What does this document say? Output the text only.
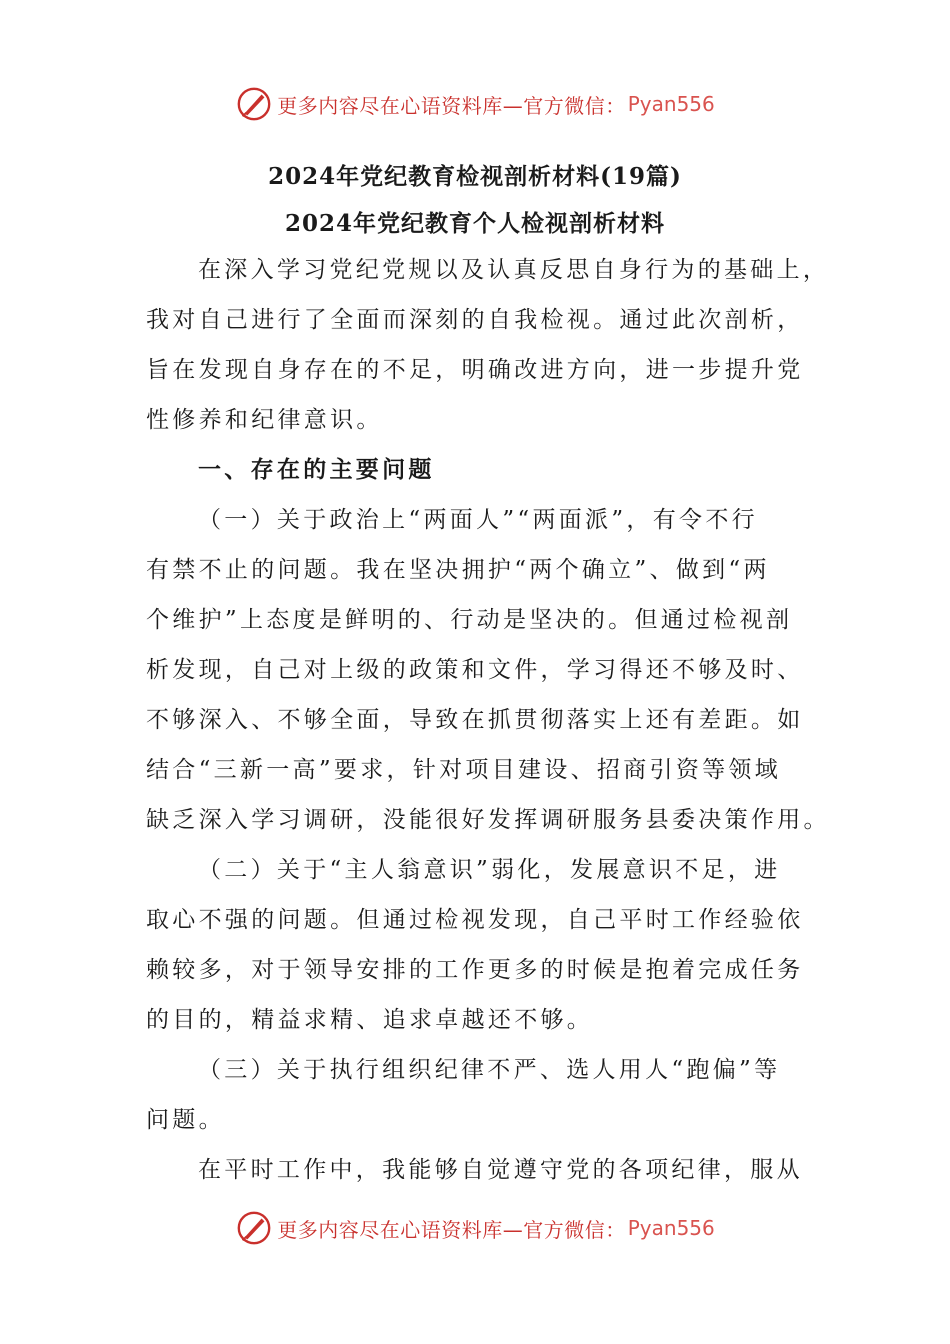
更多内容尽在心语资料库—官方微信： Pyan556
2024年党纪教育检视剖析材料(19篇)
2024年党纪教育个人检视剖析材料
在深入学习党纪党规以及认真反思自身行为的基础上，
我对自己进行了全面而深刻的自我检视。通过此次剖析，
旨在发现自身存在的不足，明确改进方向，进一步提升党
性修养和纪律意识。
一、存在的主要问题
（一）关于政治上“两面人”“两面派”，有令不行
有禁不止的问题。我在坚决拥护“两个确立”、做到“两
个维护”上态度是鲜明的、行动是坚决的。但通过检视剖
析发现，自己对上级的政策和文件，学习得还不够及时、
不够深入、不够全面，导致在抓贯彻落实上还有差距。如
结合“三新一高”要求，针对项目建设、招商引资等领域
缺乏深入学习调研，没能很好发挥调研服务县委决策作用。
（二）关于“主人翁意识”弱化，发展意识不足，进
取心不强的问题。但通过检视发现，自己平时工作经验依
赖较多，对于领导安排的工作更多的时候是抱着完成任务
的目的，精益求精、追求卓越还不够。
（三）关于执行组织纪律不严、选人用人“跑偏”等
问题。
在平时工作中，我能够自觉遵守党的各项纪律，服从
更多内容尽在心语资料库—官方微信： Pyan556
